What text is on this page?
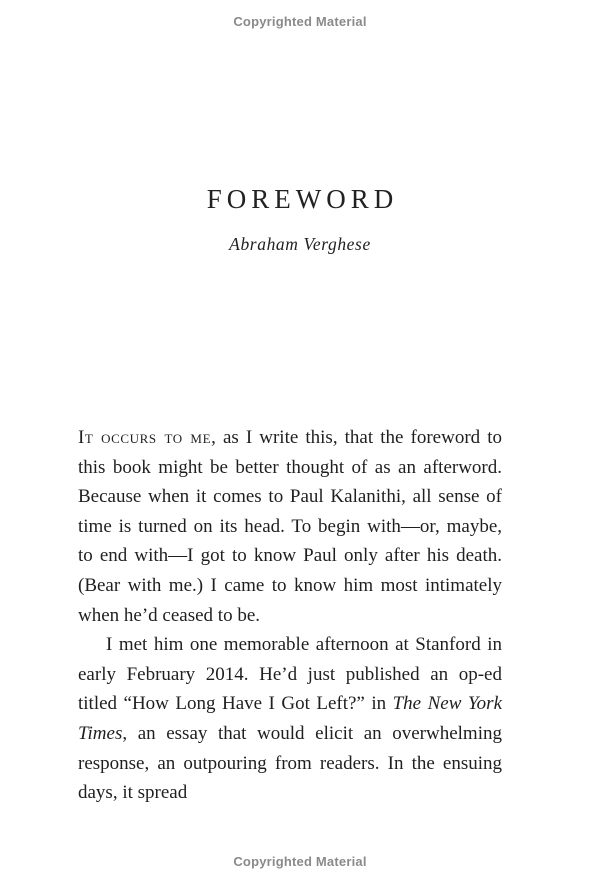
Copyrighted Material
FOREWORD
Abraham Verghese

It occurs to me, as I write this, that the foreword to this book might be better thought of as an afterword. Because when it comes to Paul Kalanithi, all sense of time is turned on its head. To begin with—or, maybe, to end with—I got to know Paul only after his death. (Bear with me.) I came to know him most intimately when he’d ceased to be.

I met him one memorable afternoon at Stanford in early February 2014. He’d just published an op-ed titled “How Long Have I Got Left?” in The New York Times, an essay that would elicit an overwhelming response, an outpouring from readers. In the ensuing days, it spread

Copyrighted Material
